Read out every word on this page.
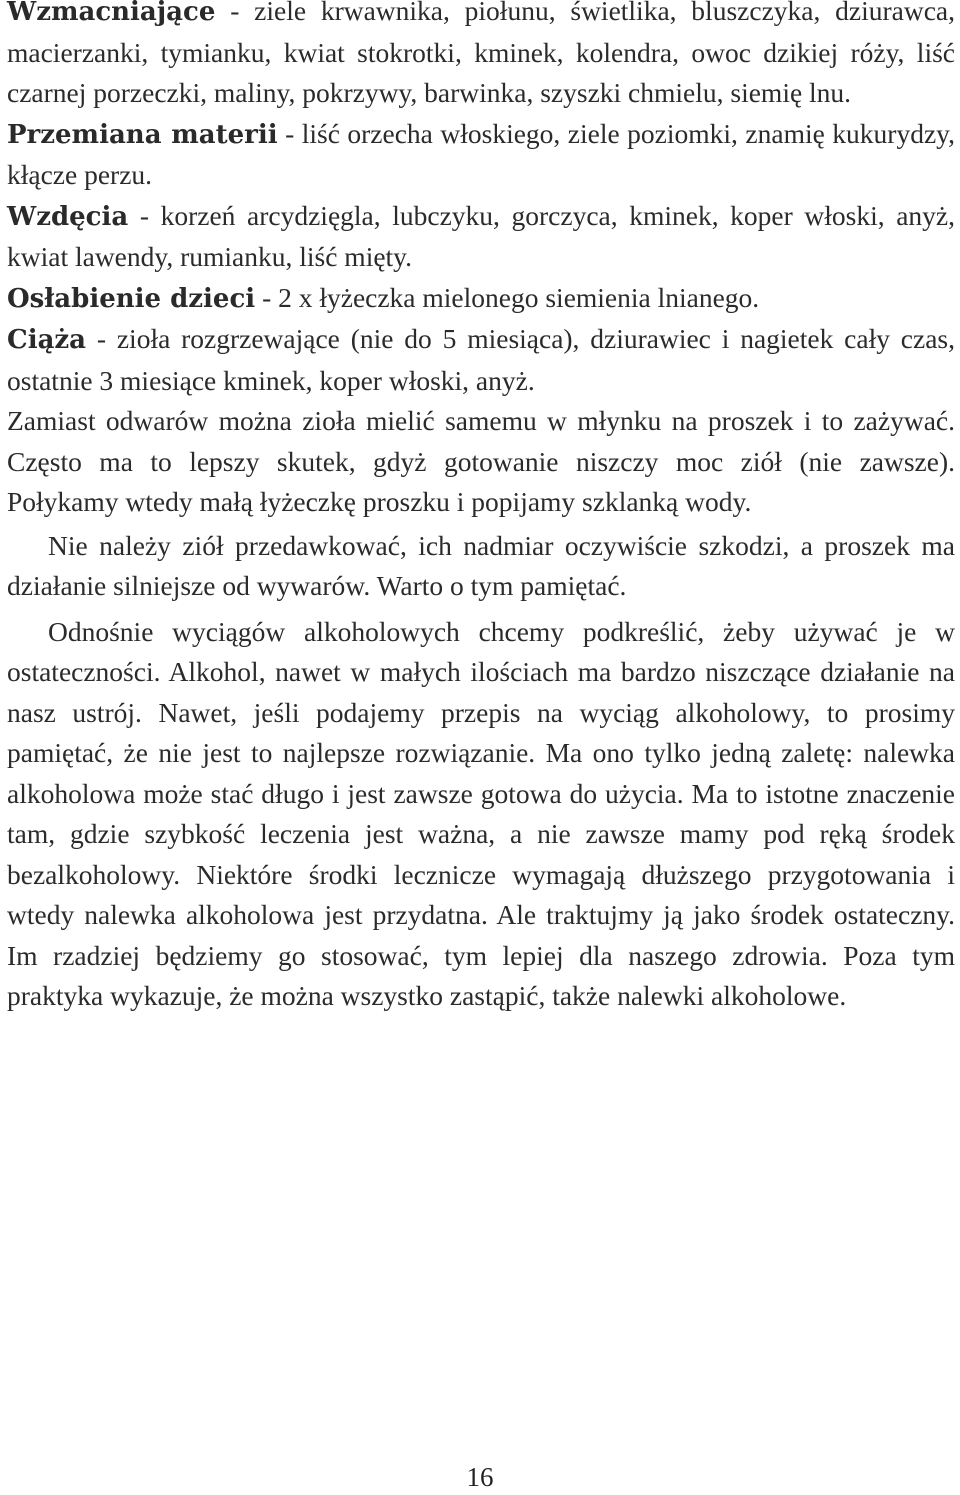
Wzmacniające - ziele krwawnika, piołunu, świetlika, bluszczyka, dziurawca, macierzanki, tymianku, kwiat stokrotki, kminek, kolendra, owoc dzikiej róży, liść czarnej porzeczki, maliny, pokrzywy, barwinka, szyszki chmielu, siemię lnu.

Przemiana materii - liść orzecha włoskiego, ziele poziomki, znamię kukurydzy, kłącze perzu.

Wzdęcia - korzeń arcydzięgla, lubczyku, gorczyca, kminek, koper włoski, anyż, kwiat lawendy, rumianku, liść mięty.

Osłabienie dzieci - 2 x łyżeczka mielonego siemienia lnianego.

Ciąża - zioła rozgrzewające (nie do 5 miesiąca), dziurawiec i nagietek cały czas, ostatnie 3 miesiące kminek, koper włoski, anyż.

Zamiast odwarów można zioła mielić samemu w młynku na proszek i to zażywać. Często ma to lepszy skutek, gdyż gotowanie niszczy moc ziół (nie zawsze). Połykamy wtedy małą łyżeczkę proszku i popijamy szklanką wody.

Nie należy ziół przedawkować, ich nadmiar oczywiście szkodzi, a proszek ma działanie silniejsze od wywarów. Warto o tym pamiętać.

Odnośnie wyciągów alkoholowych chcemy podkreślić, żeby używać je w ostateczności. Alkohol, nawet w małych ilościach ma bardzo niszczące działanie na nasz ustrój. Nawet, jeśli podajemy przepis na wyciąg alkoholowy, to prosimy pamiętać, że nie jest to najlepsze rozwiązanie. Ma ono tylko jedną zaletę: nalewka alkoholowa może stać długo i jest zawsze gotowa do użycia. Ma to istotne znaczenie tam, gdzie szybkość leczenia jest ważna, a nie zawsze mamy pod ręką środek bezalkoholowy. Niektóre środki lecznicze wymagają dłuższego przygotowania i wtedy nalewka alkoholowa jest przydatna. Ale traktujmy ją jako środek ostateczny. Im rzadziej będziemy go stosować, tym lepiej dla naszego zdrowia. Poza tym praktyka wykazuje, że można wszystko zastąpić, także nalewki alkoholowe.

16
